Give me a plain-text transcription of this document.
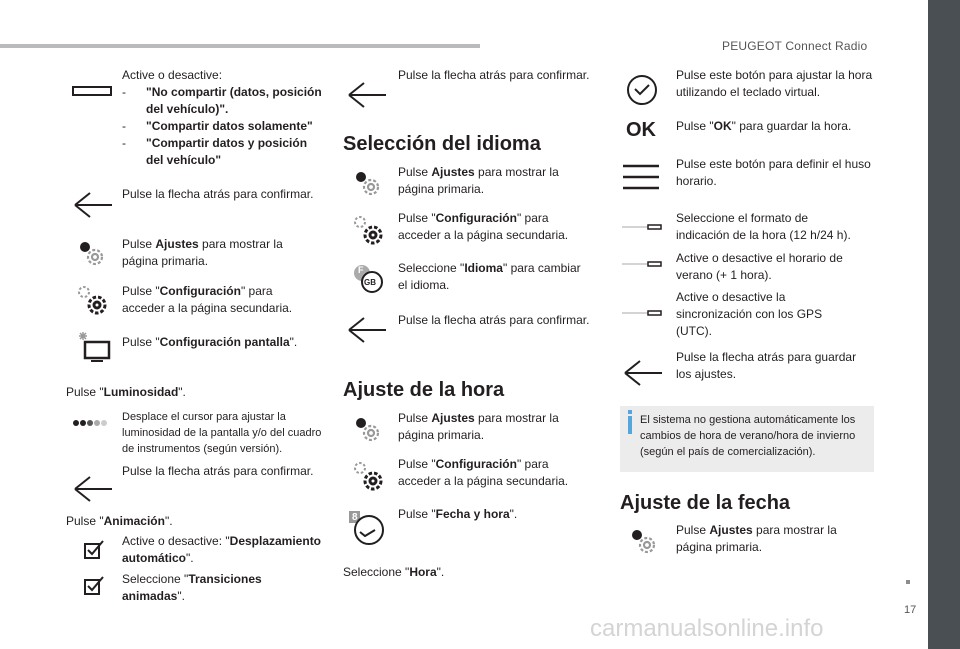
PEUGEOT Connect Radio
17
carmanualsonline.info
Active o desactive:
- "No compartir (datos, posición del vehículo)".
- "Compartir datos solamente"
- "Compartir datos y posición del vehículo"
Pulse la flecha atrás para confirmar.
Pulse Ajustes para mostrar la página primaria.
Pulse "Configuración" para acceder a la página secundaria.
Pulse "Configuración pantalla".
Pulse "Luminosidad".
Desplace el cursor para ajustar la luminosidad de la pantalla y/o del cuadro de instrumentos (según versión).
Pulse la flecha atrás para confirmar.
Pulse "Animación".
Active o desactive: "Desplazamiento automático".
Seleccione "Transiciones animadas".
Pulse la flecha atrás para confirmar.
Selección del idioma
Pulse Ajustes para mostrar la página primaria.
Pulse "Configuración" para acceder a la página secundaria.
F
GB
Seleccione "Idioma" para cambiar el idioma.
Pulse la flecha atrás para confirmar.
Ajuste de la hora
Pulse Ajustes para mostrar la página primaria.
Pulse "Configuración" para acceder a la página secundaria.
8	Pulse "Fecha y hora".
Seleccione "Hora".
Pulse este botón para ajustar la hora utilizando el teclado virtual.
OK Pulse "OK" para guardar la hora.
Pulse este botón para definir el huso horario.
Seleccione el formato de indicación de la hora (12 h/24 h).
Active o desactive el horario de verano (+ 1 hora).
Active o desactive la sincronización con los GPS (UTC).
Pulse la flecha atrás para guardar los ajustes.
El sistema no gestiona automáticamente los cambios de hora de verano/hora de invierno (según el país de comercialización).
Ajuste de la fecha
Pulse Ajustes para mostrar la página primaria.
